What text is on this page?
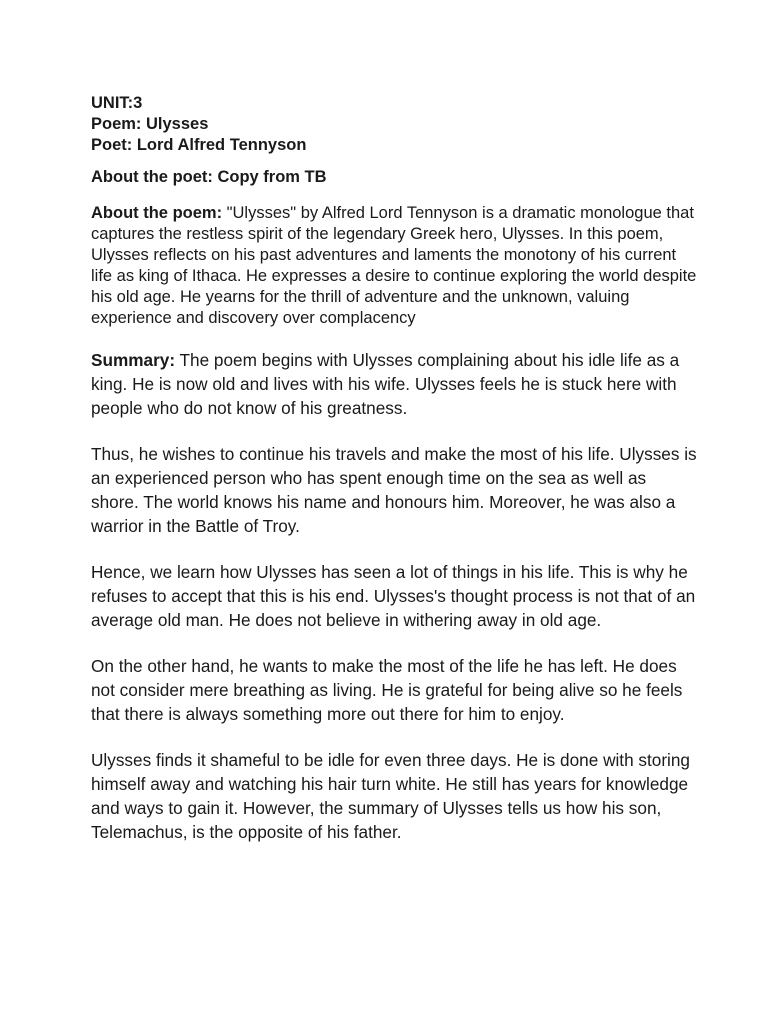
UNIT:3

Poem: Ulysses

Poet: Lord Alfred Tennyson

About the poet: Copy from TB

About the poem: "Ulysses" by Alfred Lord Tennyson is a dramatic monologue that captures the restless spirit of the legendary Greek hero, Ulysses. In this poem, Ulysses reflects on his past adventures and laments the monotony of his current life as king of Ithaca. He expresses a desire to continue exploring the world despite his old age. He yearns for the thrill of adventure and the unknown, valuing experience and discovery over complacency

Summary: The poem begins with Ulysses complaining about his idle life as a king. He is now old and lives with his wife. Ulysses feels he is stuck here with people who do not know of his greatness.

Thus, he wishes to continue his travels and make the most of his life. Ulysses is an experienced person who has spent enough time on the sea as well as shore. The world knows his name and honours him. Moreover, he was also a warrior in the Battle of Troy.

Hence, we learn how Ulysses has seen a lot of things in his life. This is why he refuses to accept that this is his end. Ulysses's thought process is not that of an average old man. He does not believe in withering away in old age.

On the other hand, he wants to make the most of the life he has left. He does not consider mere breathing as living. He is grateful for being alive so he feels that there is always something more out there for him to enjoy.

Ulysses finds it shameful to be idle for even three days. He is done with storing himself away and watching his hair turn white. He still has years for knowledge and ways to gain it. However, the summary of Ulysses tells us how his son, Telemachus, is the opposite of his father.
